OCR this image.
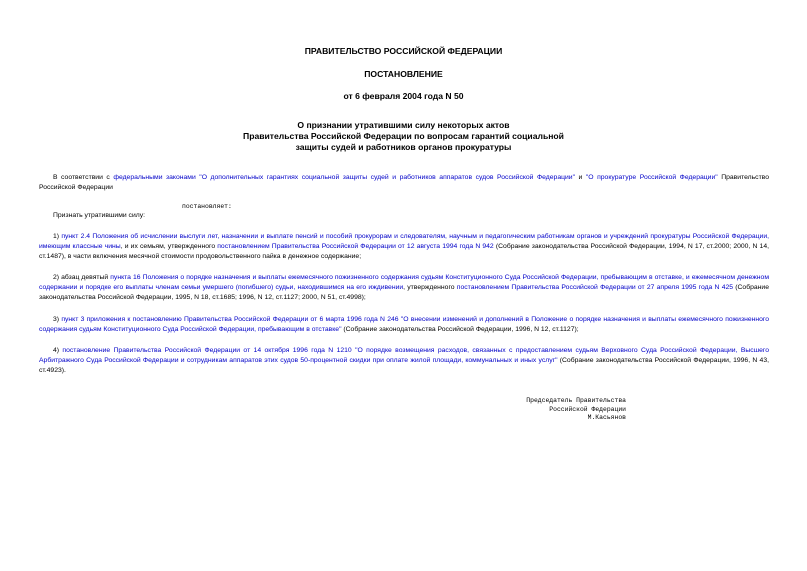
ПРАВИТЕЛЬСТВО РОССИЙСКОЙ ФЕДЕРАЦИИ
ПОСТАНОВЛЕНИЕ
от 6 февраля 2004 года N 50
О признании утратившими силу некоторых актов
Правительства Российской Федерации по вопросам гарантий социальной
защиты судей и работников органов прокуратуры
В соответствии с федеральными законами "О дополнительных гарантиях социальной защиты судей и работников аппаратов судов Российской Федерации" и "О прокуратуре Российской Федерации" Правительство Российской Федерации
постановляет:
Признать утратившими силу:
1) пункт 2.4 Положения об исчислении выслуги лет, назначении и выплате пенсий и пособий прокурорам и следователям, научным и педагогическим работникам органов и учреждений прокуратуры Российской Федерации, имеющим классные чины, и их семьям, утвержденного постановлением Правительства Российской Федерации от 12 августа 1994 года N 942 (Собрание законодательства Российской Федерации, 1994, N 17, ст.2000; 2000, N 14, ст.1487), в части включения месячной стоимости продовольственного пайка в денежное содержание;
2) абзац девятый пункта 16 Положения о порядке назначения и выплаты ежемесячного пожизненного содержания судьям Конституционного Суда Российской Федерации, пребывающим в отставке, и ежемесячном денежном содержании и порядке его выплаты членам семьи умершего (погибшего) судьи, находившимся на его иждивении, утвержденного постановлением Правительства Российской Федерации от 27 апреля 1995 года N 425 (Собрание законодательства Российской Федерации, 1995, N 18, ст.1685; 1996, N 12, ст.1127; 2000, N 51, ст.4998);
3) пункт 3 приложения к постановлению Правительства Российской Федерации от 6 марта 1996 года N 246 "О внесении изменений и дополнений в Положение о порядке назначения и выплаты ежемесячного пожизненного содержания судьям Конституционного Суда Российской Федерации, пребывающим в отставке" (Собрание законодательства Российской Федерации, 1996, N 12, ст.1127);
4) постановление Правительства Российской Федерации от 14 октября 1996 года N 1210 "О порядке возмещения расходов, связанных с предоставлением судьям Верховного Суда Российской Федерации, Высшего Арбитражного Суда Российской Федерации и сотрудникам аппаратов этих судов 50-процентной скидки при оплате жилой площади, коммунальных и иных услуг" (Собрание законодательства Российской Федерации, 1996, N 43, ст.4923).
Председатель Правительства
Российской Федерации
М.Касьянов
